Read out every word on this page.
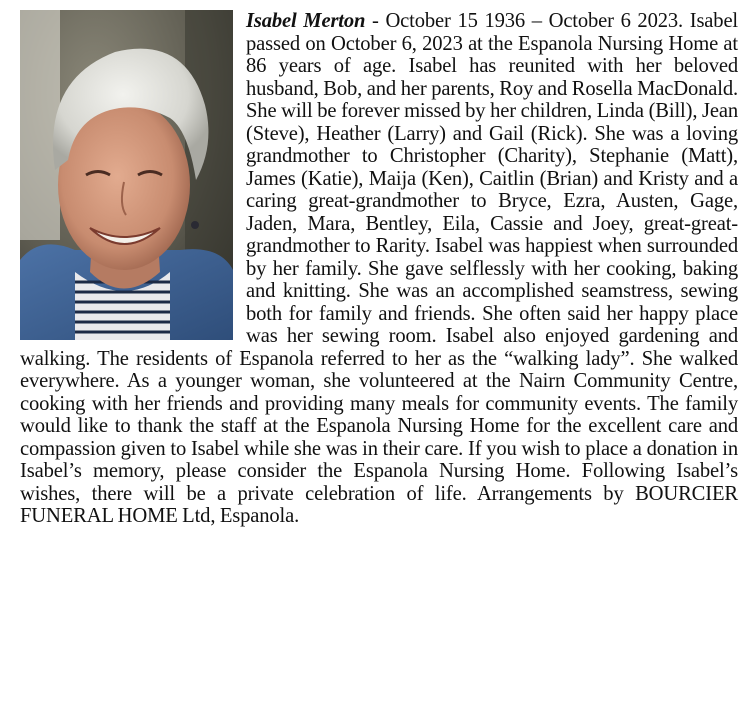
Isabel Merton - October 15 1936 – October 6 2023. Isabel passed on October 6, 2023 at the Espanola Nursing Home at 86 years of age. Isabel has reunited with her beloved husband, Bob, and her parents, Roy and Rosella MacDonald. She will be forever missed by her children, Linda (Bill), Jean (Steve), Heather (Larry) and Gail (Rick). She was a loving grandmother to Christopher (Charity), Stephanie (Matt), James (Katie), Maija (Ken), Caitlin (Brian) and Kristy and a caring great-grandmother to Bryce, Ezra, Austen, Gage, Jaden, Mara, Bentley, Eila, Cassie and Joey, great-great-grandmother to Rarity. Isabel was happiest when surrounded by her family. She gave selflessly with her cooking, baking and knitting. She was an accomplished seamstress, sewing both for family and friends. She often said her happy place was her sewing room. Isabel also enjoyed gardening and walking. The residents of Espanola referred to her as the “walking lady”. She walked everywhere. As a younger woman, she volunteered at the Nairn Community Centre, cooking with her friends and providing many meals for community events. The family would like to thank the staff at the Espanola Nursing Home for the excellent care and compassion given to Isabel while she was in their care. If you wish to place a donation in Isabel’s memory, please consider the Espanola Nursing Home. Following Isabel’s wishes, there will be a private celebration of life. Arrangements by BOURCIER FUNERAL HOME Ltd, Espanola.
